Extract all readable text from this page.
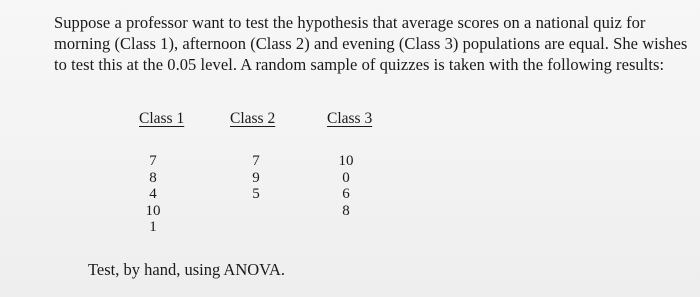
Suppose a professor want to test the hypothesis that average scores on a national quiz for
morning (Class 1), afternoon (Class 2) and evening (Class 3) populations are equal. She wishes
to test this at the 0.05 level. A random sample of quizzes is taken with the following results:
Class 1
7
8
4
10
1
Class 2
7
9
5
Class 3
10
0
6
8
Test, by hand, using ANOVA.
